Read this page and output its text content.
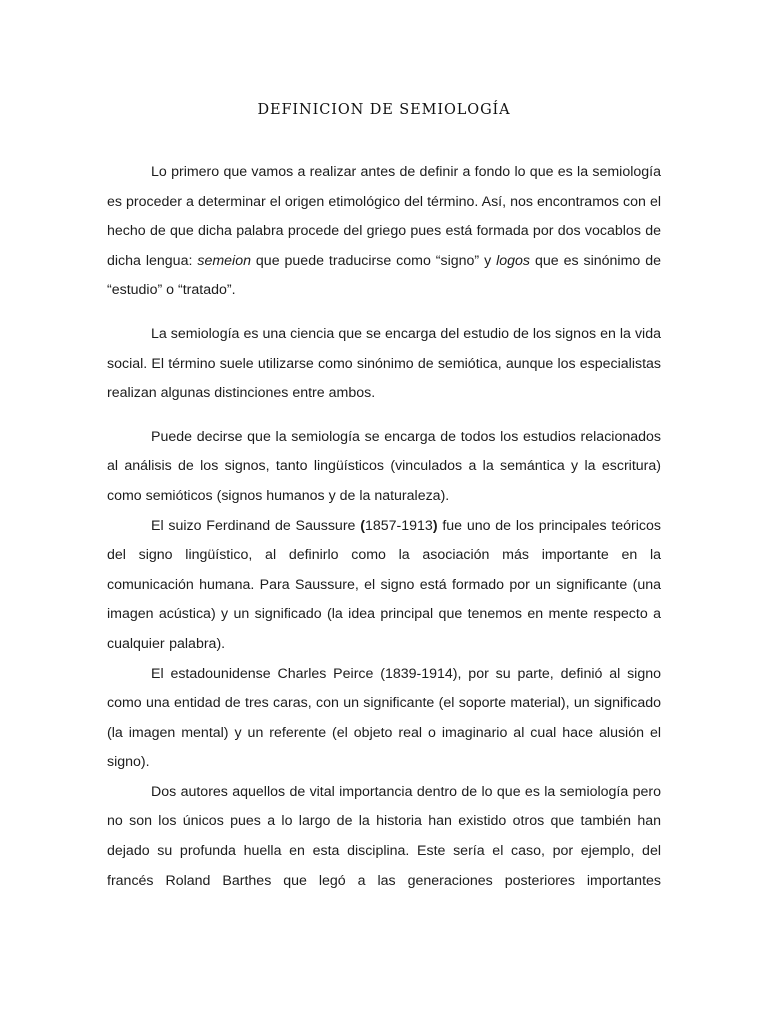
DEFINICION DE SEMIOLOGÍA

Lo primero que vamos a realizar antes de definir a fondo lo que es la semiología es proceder a determinar el origen etimológico del término. Así, nos encontramos con el hecho de que dicha palabra procede del griego pues está formada por dos vocablos de dicha lengua: semeion que puede traducirse como “signo” y logos que es sinónimo de “estudio” o “tratado”.

La semiología es una ciencia que se encarga del estudio de los signos en la vida social. El término suele utilizarse como sinónimo de semiótica, aunque los especialistas realizan algunas distinciones entre ambos.

Puede decirse que la semiología se encarga de todos los estudios relacionados al análisis de los signos, tanto lingüísticos (vinculados a la semántica y la escritura) como semióticos (signos humanos y de la naturaleza).

El suizo Ferdinand de Saussure (1857-1913) fue uno de los principales teóricos del signo lingüístico, al definirlo como la asociación más importante en la comunicación humana. Para Saussure, el signo está formado por un significante (una imagen acústica) y un significado (la idea principal que tenemos en mente respecto a cualquier palabra).

El estadounidense Charles Peirce (1839-1914), por su parte, definió al signo como una entidad de tres caras, con un significante (el soporte material), un significado (la imagen mental) y un referente (el objeto real o imaginario al cual hace alusión el signo).

Dos autores aquellos de vital importancia dentro de lo que es la semiología pero no son los únicos pues a lo largo de la historia han existido otros que también han dejado su profunda huella en esta disciplina. Este sería el caso, por ejemplo, del francés Roland Barthes que legó a las generaciones posteriores importantes
